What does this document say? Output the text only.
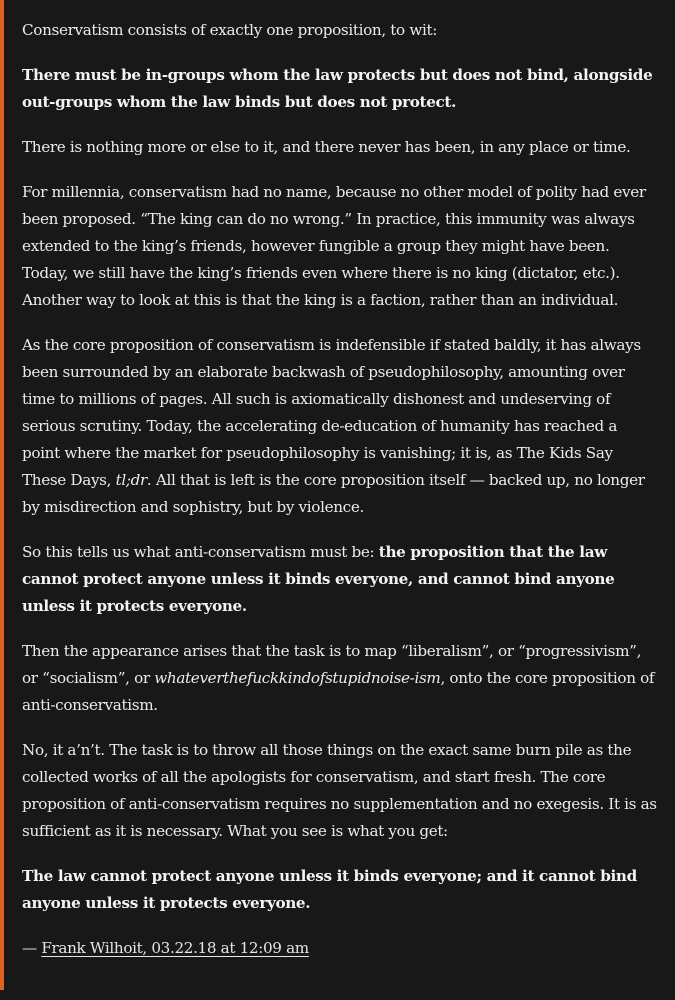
Conservatism consists of exactly one proposition, to wit:

There must be in-groups whom the law protects but does not bind, alongside out-groups whom the law binds but does not protect.

There is nothing more or else to it, and there never has been, in any place or time.

For millennia, conservatism had no name, because no other model of polity had ever been proposed. “The king can do no wrong.” In practice, this immunity was always extended to the king’s friends, however fungible a group they might have been. Today, we still have the king’s friends even where there is no king (dictator, etc.). Another way to look at this is that the king is a faction, rather than an individual.

As the core proposition of conservatism is indefensible if stated baldly, it has always been surrounded by an elaborate backwash of pseudophilosophy, amounting over time to millions of pages. All such is axiomatically dishonest and undeserving of serious scrutiny. Today, the accelerating de-education of humanity has reached a point where the market for pseudophilosophy is vanishing; it is, as The Kids Say These Days, tl;dr. All that is left is the core proposition itself — backed up, no longer by misdirection and sophistry, but by violence.

So this tells us what anti-conservatism must be: the proposition that the law cannot protect anyone unless it binds everyone, and cannot bind anyone unless it protects everyone.

Then the appearance arises that the task is to map “liberalism”, or “progressivism”, or “socialism”, or whateverthefuckkindofstupidnoise-ism, onto the core proposition of anti-conservatism.

No, it a’n’t. The task is to throw all those things on the exact same burn pile as the collected works of all the apologists for conservatism, and start fresh. The core proposition of anti-conservatism requires no supplementation and no exegesis. It is as sufficient as it is necessary. What you see is what you get:

The law cannot protect anyone unless it binds everyone; and it cannot bind anyone unless it protects everyone.

— Frank Wilhoit, 03.22.18 at 12:09 am
